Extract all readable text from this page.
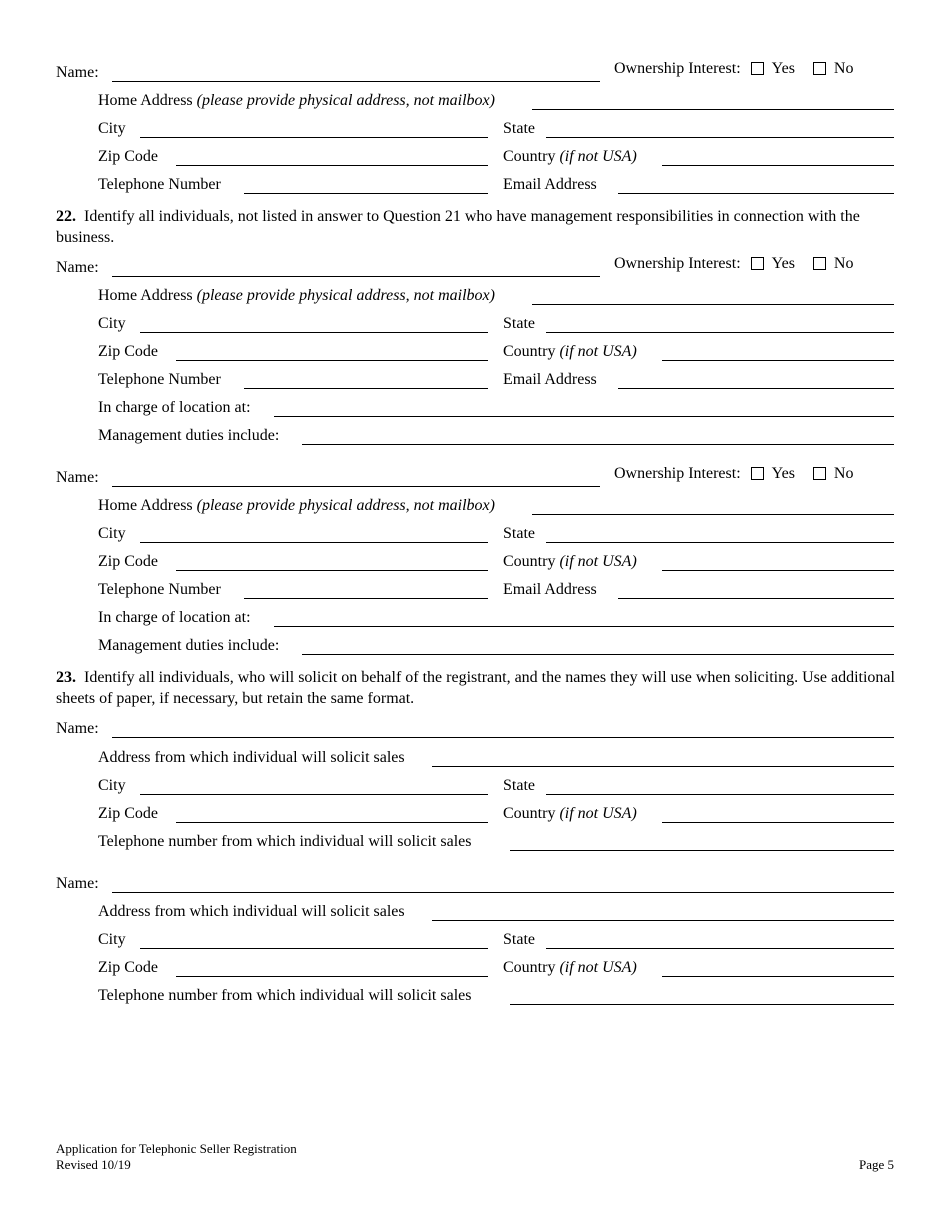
Name:	Ownership Interest: Yes No
Home Address (please provide physical address, not mailbox)
City	State
Zip Code	Country (if not USA)
Telephone Number	Email Address
22. Identify all individuals, not listed in answer to Question 21 who have management responsibilities in connection with the business.
Name:	Ownership Interest: Yes No
Home Address (please provide physical address, not mailbox)
City	State
Zip Code	Country (if not USA)
Telephone Number	Email Address
In charge of location at:
Management duties include:
Name:	Ownership Interest: Yes No
Home Address (please provide physical address, not mailbox)
City	State
Zip Code	Country (if not USA)
Telephone Number	Email Address
In charge of location at:
Management duties include:
23. Identify all individuals, who will solicit on behalf of the registrant, and the names they will use when soliciting. Use additional sheets of paper, if necessary, but retain the same format.
Name:
Address from which individual will solicit sales
City	State
Zip Code	Country (if not USA)
Telephone number from which individual will solicit sales
Name:
Address from which individual will solicit sales
City	State
Zip Code	Country (if not USA)
Telephone number from which individual will solicit sales
Application for Telephonic Seller Registration
Revised 10/19	Page 5
